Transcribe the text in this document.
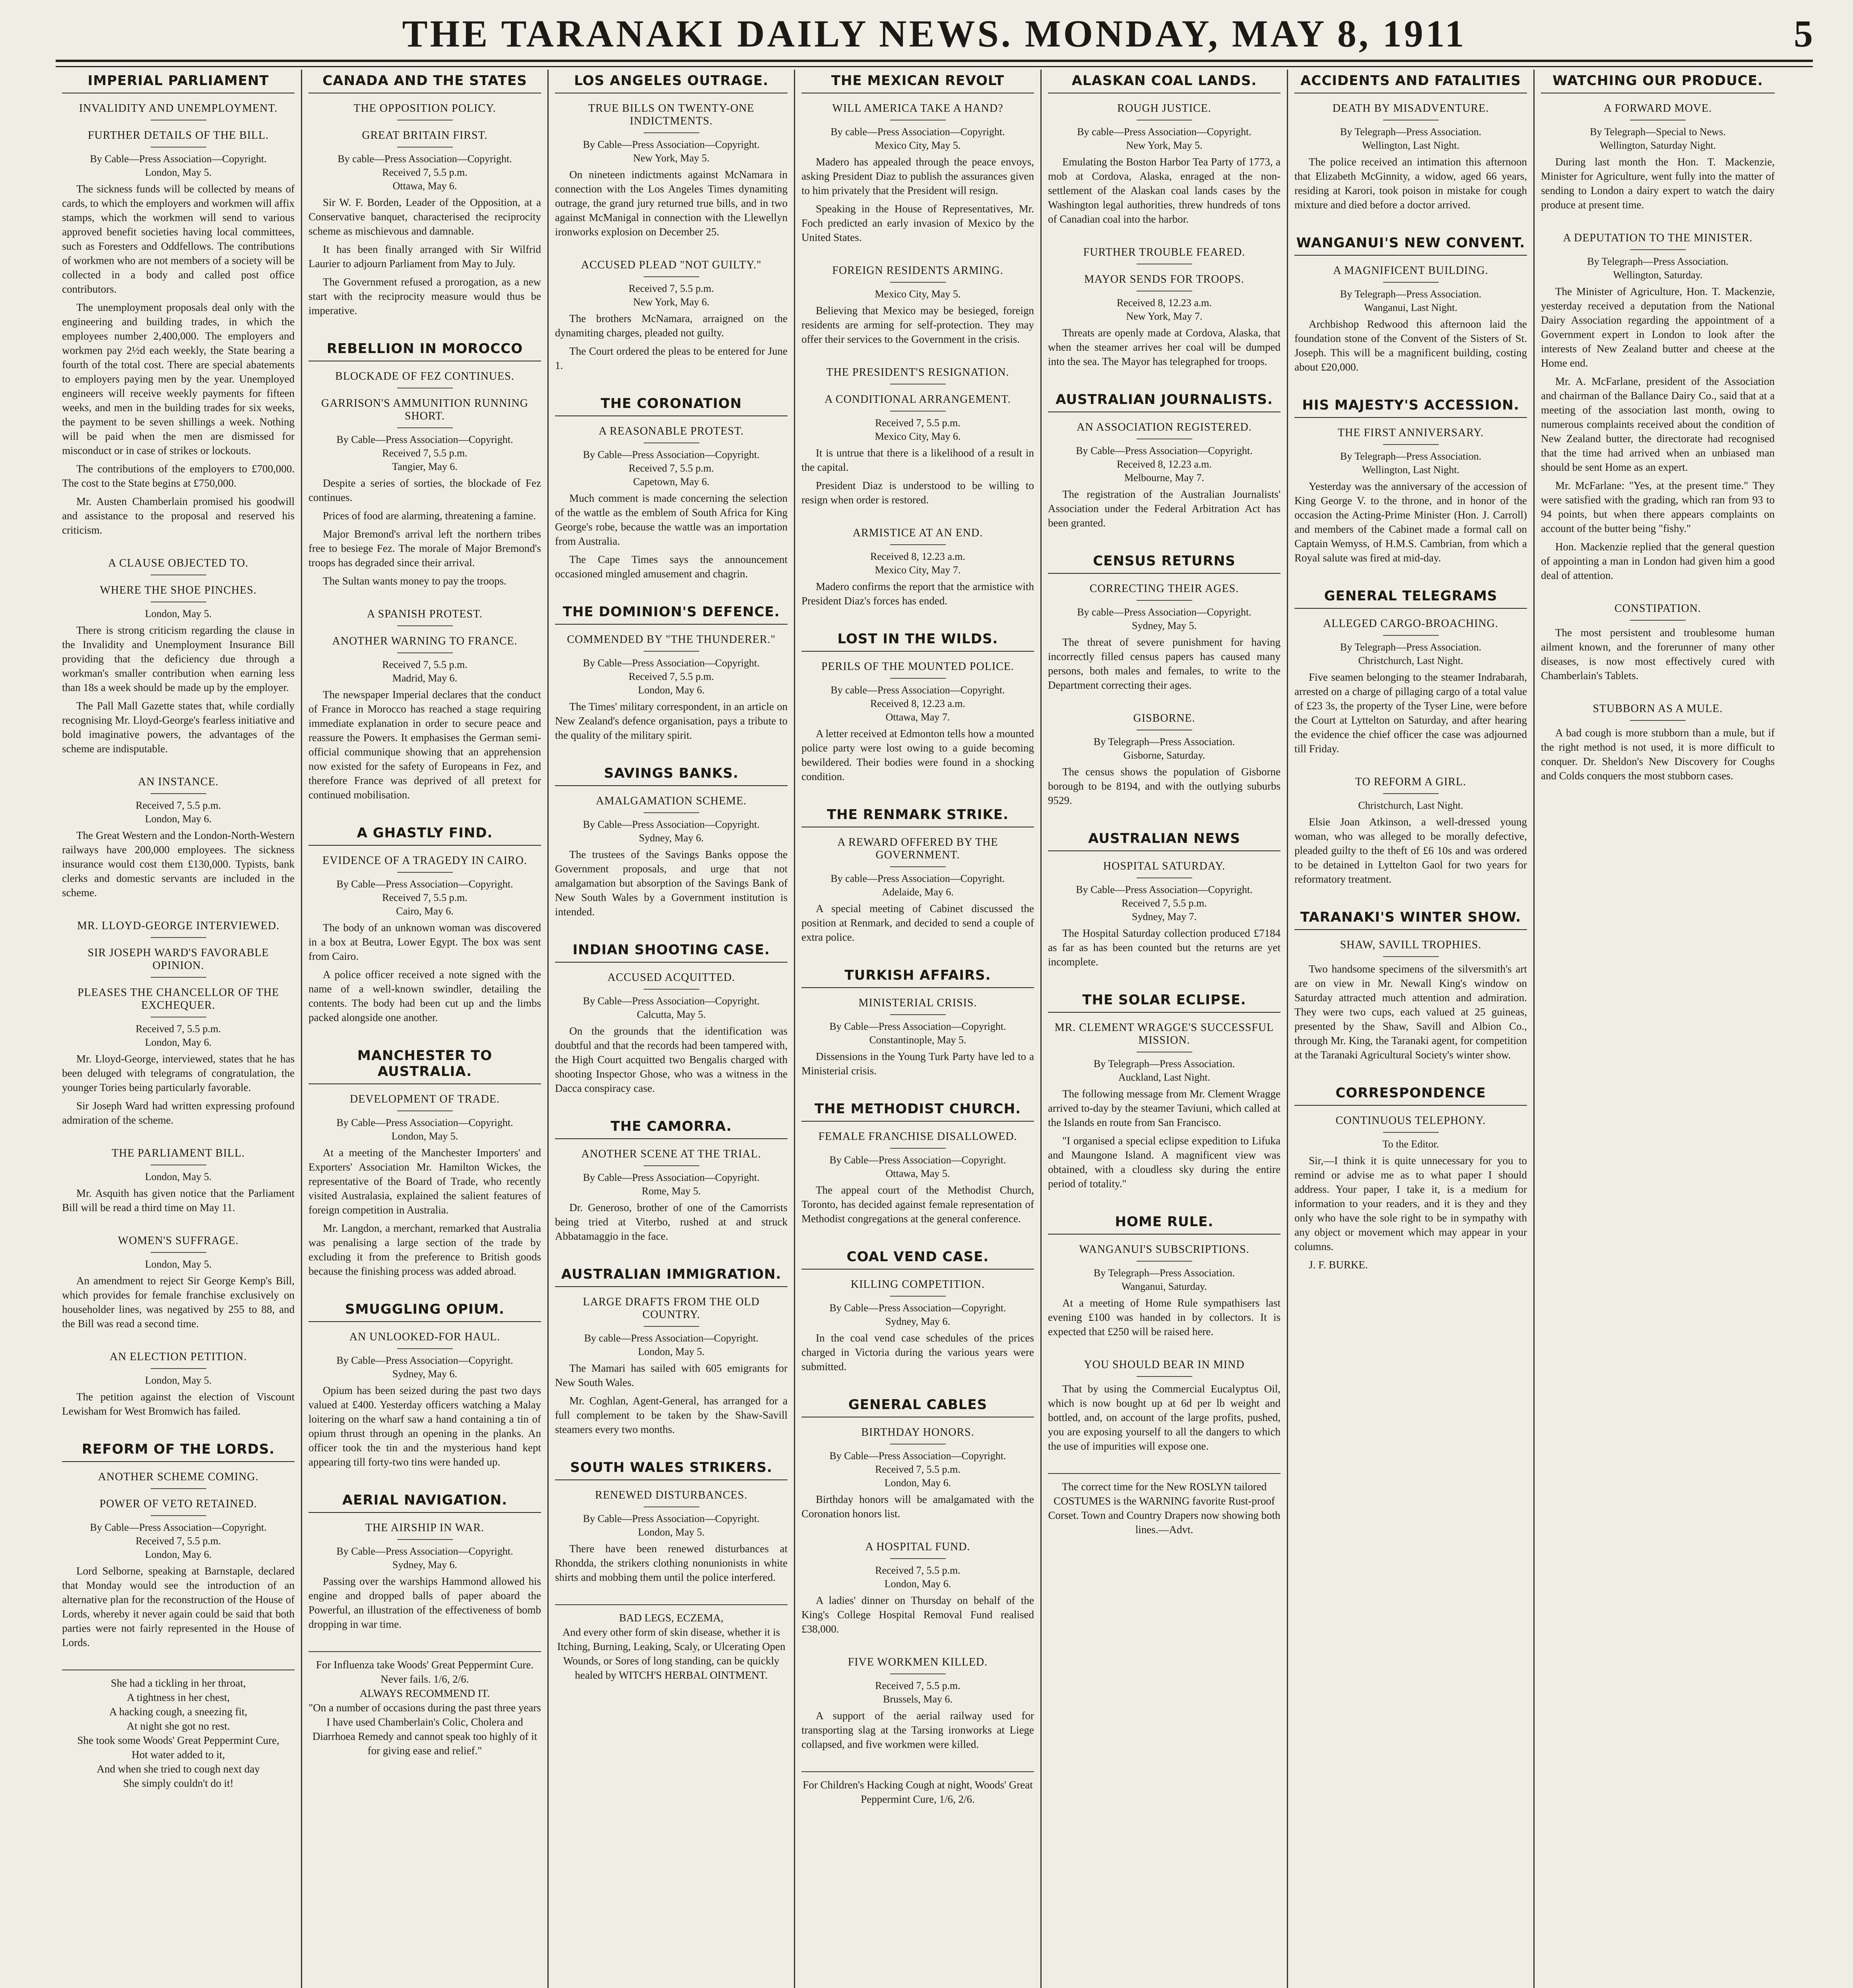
THE TARANAKI DAILY NEWS. MONDAY, MAY 8, 1911	5
IMPERIAL PARLIAMENT
INVALIDITY AND UNEMPLOYMENT.
FURTHER DETAILS OF THE BILL.
By Cable—Press Association—Copyright.
London, May 5.

The sickness funds will be collected by means of cards, to which the employers and workmen will affix stamps, which the workmen will send to various approved benefit societies having local committees, such as Foresters and Oddfellows. The contributions of workmen who are not members of a society will be collected in a body and called post office contributors.

The unemployment proposals deal only with the engineering and building trades, in which the employees number 2,400,000. The employers and workmen pay 2½d each weekly, the State bearing a fourth of the total cost. There are special abatements to employers paying men by the year. Unemployed engineers will receive weekly payments for fifteen weeks, and men in the building trades for six weeks, the payment to be seven shillings a week. Nothing will be paid when the men are dismissed for misconduct or in case of strikes or lockouts.

The contributions of the employers to £700,000. The cost to the State begins at £750,000.

Mr. Austen Chamberlain promised his goodwill and assistance to the proposal and reserved his criticism.

A CLAUSE OBJECTED TO.
WHERE THE SHOE PINCHES.
London, May 5.

There is strong criticism regarding the clause in the Invalidity and Unemployment Insurance Bill providing that the deficiency due through a workman's smaller contribution when earning less than 18s a week should be made up by the employer.

The Pall Mall Gazette states that, while cordially recognising Mr. Lloyd-George's fearless initiative and bold imaginative powers, the advantages of the scheme are indisputable.

AN INSTANCE.
Received 7, 5.5 p.m.
London, May 6.

The Great Western and the London-North-Western railways have 200,000 employees. The sickness insurance would cost them £130,000. Typists, bank clerks and domestic servants are included in the scheme.

MR. LLOYD-GEORGE INTERVIEWED.
SIR JOSEPH WARD'S FAVORABLE OPINION.
PLEASES THE CHANCELLOR OF THE EXCHEQUER.
Received 7, 5.5 p.m.
London, May 6.

Mr. Lloyd-George, interviewed, states that he has been deluged with telegrams of congratulation, the younger Tories being particularly favorable.

Sir Joseph Ward had written expressing profound admiration of the scheme.

THE PARLIAMENT BILL.
London, May 5.

Mr. Asquith has given notice that the Parliament Bill will be read a third time on May 11.

WOMEN'S SUFFRAGE.
London, May 5.

An amendment to reject Sir George Kemp's Bill, which provides for female franchise exclusively on householder lines, was negatived by 255 to 88, and the Bill was read a second time.

AN ELECTION PETITION.
London, May 5.

The petition against the election of Viscount Lewisham for West Bromwich has failed.

REFORM OF THE LORDS.
ANOTHER SCHEME COMING.
POWER OF VETO RETAINED.
By Cable—Press Association—Copyright.
Received 7, 5.5 p.m.
London, May 6.

Lord Selborne, speaking at Barnstaple, declared that Monday would see the introduction of an alternative plan for the reconstruction of the House of Lords, whereby it never again could be said that both parties were not fairly represented in the House of Lords.

She had a tickling in her throat,
A tightness in her chest,
A hacking cough, a sneezing fit,
At night she got no rest.
She took some Woods' Great Peppermint Cure,
Hot water added to it,
And when she tried to cough next day
She simply couldn't do it!
CANADA AND THE STATES
THE OPPOSITION POLICY.
GREAT BRITAIN FIRST.
By cable—Press Association—Copyright.
Received 7, 5.5 p.m.
Ottawa, May 6.

Sir W. F. Borden, Leader of the Opposition, at a Conservative banquet, characterised the reciprocity scheme as mischievous and damnable.

It has been finally arranged with Sir Wilfrid Laurier to adjourn Parliament from May to July.

The Government refused a prorogation, as a new start with the reciprocity measure would thus be imperative.

REBELLION IN MOROCCO
BLOCKADE OF FEZ CONTINUES.
GARRISON'S AMMUNITION RUNNING SHORT.
By Cable—Press Association—Copyright.
Received 7, 5.5 p.m.
Tangier, May 6.

Despite a series of sorties, the blockade of Fez continues.

Prices of food are alarming, threatening a famine.

Major Bremond's arrival left the northern tribes free to besiege Fez. The morale of Major Bremond's troops has degraded since their arrival.

The Sultan wants money to pay the troops.

A SPANISH PROTEST.
ANOTHER WARNING TO FRANCE.
Received 7, 5.5 p.m.
Madrid, May 6.

The newspaper Imperial declares that the conduct of France in Morocco has reached a stage requiring immediate explanation in order to secure peace and reassure the Powers. It emphasises the German semi-official communique showing that an apprehension now existed for the safety of Europeans in Fez, and therefore France was deprived of all pretext for continued mobilisation.

A GHASTLY FIND.
EVIDENCE OF A TRAGEDY IN CAIRO.
By Cable—Press Association—Copyright.
Received 7, 5.5 p.m.
Cairo, May 6.

The body of an unknown woman was discovered in a box at Beutra, Lower Egypt. The box was sent from Cairo.

A police officer received a note signed with the name of a well-known swindler, detailing the contents. The body had been cut up and the limbs packed alongside one another.

MANCHESTER TO AUSTRALIA.
DEVELOPMENT OF TRADE.
By Cable—Press Association—Copyright.
London, May 5.

At a meeting of the Manchester Importers' and Exporters' Association Mr. Hamilton Wickes, the representative of the Board of Trade, who recently visited Australasia, explained the salient features of foreign competition in Australia.

Mr. Langdon, a merchant, remarked that Australia was penalising a large section of the trade by excluding it from the preference to British goods because the finishing process was added abroad.

SMUGGLING OPIUM.
AN UNLOOKED-FOR HAUL.
By Cable—Press Association—Copyright.
Sydney, May 6.

Opium has been seized during the past two days valued at £400. Yesterday officers watching a Malay loitering on the wharf saw a hand containing a tin of opium thrust through an opening in the planks. An officer took the tin and the mysterious hand kept appearing till forty-two tins were handed up.

AERIAL NAVIGATION.
THE AIRSHIP IN WAR.
By Cable—Press Association—Copyright.
Sydney, May 6.

Passing over the warships Hammond allowed his engine and dropped balls of paper aboard the Powerful, an illustration of the effectiveness of bomb dropping in war time.

For Influenza take Woods' Great Peppermint Cure. Never fails. 1/6, 2/6.
ALWAYS RECOMMEND IT.
"On a number of occasions during the past three years I have used Chamberlain's Colic, Cholera and Diarrhoea Remedy and cannot speak too highly of it for giving ease and relief."
LOS ANGELES OUTRAGE.
TRUE BILLS ON TWENTY-ONE INDICTMENTS.
By Cable—Press Association—Copyright.
New York, May 5.

On nineteen indictments against McNamara in connection with the Los Angeles Times dynamiting outrage, the grand jury returned true bills, and in two against McManigal in connection with the Llewellyn ironworks explosion on December 25.

ACCUSED PLEAD "NOT GUILTY."
Received 7, 5.5 p.m.
New York, May 6.

The brothers McNamara, arraigned on the dynamiting charges, pleaded not guilty.

The Court ordered the pleas to be entered for June 1.

THE CORONATION
A REASONABLE PROTEST.
By Cable—Press Association—Copyright.
Received 7, 5.5 p.m.
Capetown, May 6.

Much comment is made concerning the selection of the wattle as the emblem of South Africa for King George's robe, because the wattle was an importation from Australia.

The Cape Times says the announcement occasioned mingled amusement and chagrin.

THE DOMINION'S DEFENCE.
COMMENDED BY "THE THUNDERER."
By Cable—Press Association—Copyright.
Received 7, 5.5 p.m.
London, May 6.

The Times' military correspondent, in an article on New Zealand's defence organisation, pays a tribute to the quality of the military spirit.

SAVINGS BANKS.
AMALGAMATION SCHEME.
By Cable—Press Association—Copyright.
Sydney, May 6.

The trustees of the Savings Banks oppose the Government proposals, and urge that not amalgamation but absorption of the Savings Bank of New South Wales by a Government institution is intended.

INDIAN SHOOTING CASE.
ACCUSED ACQUITTED.
By Cable—Press Association—Copyright.
Calcutta, May 5.

On the grounds that the identification was doubtful and that the records had been tampered with, the High Court acquitted two Bengalis charged with shooting Inspector Ghose, who was a witness in the Dacca conspiracy case.

THE CAMORRA.
ANOTHER SCENE AT THE TRIAL.
By Cable—Press Association—Copyright.
Rome, May 5.

Dr. Generoso, brother of one of the Camorrists being tried at Viterbo, rushed at and struck Abbatamaggio in the face.

AUSTRALIAN IMMIGRATION.
LARGE DRAFTS FROM THE OLD COUNTRY.
By cable—Press Association—Copyright.
London, May 5.

The Mamari has sailed with 605 emigrants for New South Wales.

Mr. Coghlan, Agent-General, has arranged for a full complement to be taken by the Shaw-Savill steamers every two months.

SOUTH WALES STRIKERS.
RENEWED DISTURBANCES.
By Cable—Press Association—Copyright.
London, May 5.

There have been renewed disturbances at Rhondda, the strikers clothing nonunionists in white shirts and mobbing them until the police interfered.

BAD LEGS, ECZEMA,
And every other form of skin disease, whether it is Itching, Burning, Leaking, Scaly, or Ulcerating Open Wounds, or Sores of long standing, can be quickly healed by WITCH'S HERBAL OINTMENT.
THE MEXICAN REVOLT
WILL AMERICA TAKE A HAND?
By cable—Press Association—Copyright.
Mexico City, May 5.

Madero has appealed through the peace envoys, asking President Diaz to publish the assurances given to him privately that the President will resign.

Speaking in the House of Representatives, Mr. Foch predicted an early invasion of Mexico by the United States.

FOREIGN RESIDENTS ARMING.
Mexico City, May 5.

Believing that Mexico may be besieged, foreign residents are arming for self-protection. They may offer their services to the Government in the crisis.

THE PRESIDENT'S RESIGNATION.
A CONDITIONAL ARRANGEMENT.
Received 7, 5.5 p.m.
Mexico City, May 6.

It is untrue that there is a likelihood of a result in the capital.

President Diaz is understood to be willing to resign when order is restored.

ARMISTICE AT AN END.
Received 8, 12.23 a.m.
Mexico City, May 7.

Madero confirms the report that the armistice with President Diaz's forces has ended.

LOST IN THE WILDS.
PERILS OF THE MOUNTED POLICE.
By cable—Press Association—Copyright.
Received 8, 12.23 a.m.
Ottawa, May 7.

A letter received at Edmonton tells how a mounted police party were lost owing to a guide becoming bewildered. Their bodies were found in a shocking condition.

THE RENMARK STRIKE.
A REWARD OFFERED BY THE GOVERNMENT.
By cable—Press Association—Copyright.
Adelaide, May 6.

A special meeting of Cabinet discussed the position at Renmark, and decided to send a couple of extra police.

TURKISH AFFAIRS.
MINISTERIAL CRISIS.
By Cable—Press Association—Copyright.
Constantinople, May 5.

Dissensions in the Young Turk Party have led to a Ministerial crisis.

THE METHODIST CHURCH.
FEMALE FRANCHISE DISALLOWED.
By Cable—Press Association—Copyright.
Ottawa, May 5.

The appeal court of the Methodist Church, Toronto, has decided against female representation of Methodist congregations at the general conference.

COAL VEND CASE.
KILLING COMPETITION.
By Cable—Press Association—Copyright.
Sydney, May 6.

In the coal vend case schedules of the prices charged in Victoria during the various years were submitted.

GENERAL CABLES
BIRTHDAY HONORS.
By Cable—Press Association—Copyright.
Received 7, 5.5 p.m.
London, May 6.

Birthday honors will be amalgamated with the Coronation honors list.

A HOSPITAL FUND.
Received 7, 5.5 p.m.
London, May 6.

A ladies' dinner on Thursday on behalf of the King's College Hospital Removal Fund realised £38,000.

FIVE WORKMEN KILLED.
Received 7, 5.5 p.m.
Brussels, May 6.

A support of the aerial railway used for transporting slag at the Tarsing ironworks at Liege collapsed, and five workmen were killed.

For Children's Hacking Cough at night, Woods' Great Peppermint Cure, 1/6, 2/6.
ALASKAN COAL LANDS.
ROUGH JUSTICE.
By cable—Press Association—Copyright.
New York, May 5.

Emulating the Boston Harbor Tea Party of 1773, a mob at Cordova, Alaska, enraged at the non-settlement of the Alaskan coal lands cases by the Washington legal authorities, threw hundreds of tons of Canadian coal into the harbor.

FURTHER TROUBLE FEARED.
MAYOR SENDS FOR TROOPS.
Received 8, 12.23 a.m.
New York, May 7.

Threats are openly made at Cordova, Alaska, that when the steamer arrives her coal will be dumped into the sea. The Mayor has telegraphed for troops.

AUSTRALIAN JOURNALISTS.
AN ASSOCIATION REGISTERED.
By Cable—Press Association—Copyright.
Received 8, 12.23 a.m.
Melbourne, May 7.

The registration of the Australian Journalists' Association under the Federal Arbitration Act has been granted.

CENSUS RETURNS
CORRECTING THEIR AGES.
By cable—Press Association—Copyright.
Sydney, May 5.

The threat of severe punishment for having incorrectly filled census papers has caused many persons, both males and females, to write to the Department correcting their ages.

GISBORNE.
By Telegraph—Press Association.
Gisborne, Saturday.

The census shows the population of Gisborne borough to be 8194, and with the outlying suburbs 9529.

AUSTRALIAN NEWS
HOSPITAL SATURDAY.
By Cable—Press Association—Copyright.
Received 7, 5.5 p.m.
Sydney, May 7.

The Hospital Saturday collection produced £7184 as far as has been counted but the returns are yet incomplete.

THE SOLAR ECLIPSE.
MR. CLEMENT WRAGGE'S SUCCESSFUL MISSION.
By Telegraph—Press Association.
Auckland, Last Night.

The following message from Mr. Clement Wragge arrived to-day by the steamer Taviuni, which called at the Islands en route from San Francisco.

"I organised a special eclipse expedition to Lifuka and Maungone Island. A magnificent view was obtained, with a cloudless sky during the entire period of totality."

HOME RULE.
WANGANUI'S SUBSCRIPTIONS.
By Telegraph—Press Association.
Wanganui, Saturday.

At a meeting of Home Rule sympathisers last evening £100 was handed in by collectors. It is expected that £250 will be raised here.

YOU SHOULD BEAR IN MIND

That by using the Commercial Eucalyptus Oil, which is now bought up at 6d per lb weight and bottled, and, on account of the large profits, pushed, you are exposing yourself to all the dangers to which the use of impurities will expose one.

The correct time for the New ROSLYN tailored COSTUMES is the WARNING favorite Rust-proof Corset. Town and Country Drapers now showing both lines.—Advt.
ACCIDENTS AND FATALITIES
DEATH BY MISADVENTURE.
By Telegraph—Press Association.
Wellington, Last Night.

The police received an intimation this afternoon that Elizabeth McGinnity, a widow, aged 66 years, residing at Karori, took poison in mistake for cough mixture and died before a doctor arrived.

WANGANUI'S NEW CONVENT.
A MAGNIFICENT BUILDING.
By Telegraph—Press Association.
Wanganui, Last Night.

Archbishop Redwood this afternoon laid the foundation stone of the Convent of the Sisters of St. Joseph. This will be a magnificent building, costing about £20,000.

HIS MAJESTY'S ACCESSION.
THE FIRST ANNIVERSARY.
By Telegraph—Press Association.
Wellington, Last Night.

Yesterday was the anniversary of the accession of King George V. to the throne, and in honor of the occasion the Acting-Prime Minister (Hon. J. Carroll) and members of the Cabinet made a formal call on Captain Wemyss, of H.M.S. Cambrian, from which a Royal salute was fired at mid-day.

GENERAL TELEGRAMS
ALLEGED CARGO-BROACHING.
By Telegraph—Press Association.
Christchurch, Last Night.

Five seamen belonging to the steamer Indrabarah, arrested on a charge of pillaging cargo of a total value of £23 3s, the property of the Tyser Line, were before the Court at Lyttelton on Saturday, and after hearing the evidence the chief officer the case was adjourned till Friday.

TO REFORM A GIRL.
Christchurch, Last Night.

Elsie Joan Atkinson, a well-dressed young woman, who was alleged to be morally defective, pleaded guilty to the theft of £6 10s and was ordered to be detained in Lyttelton Gaol for two years for reformatory treatment.

TARANAKI'S WINTER SHOW.
SHAW, SAVILL TROPHIES.

Two handsome specimens of the silversmith's art are on view in Mr. Newall King's window on Saturday attracted much attention and admiration. They were two cups, each valued at 25 guineas, presented by the Shaw, Savill and Albion Co., through Mr. King, the Taranaki agent, for competition at the Taranaki Agricultural Society's winter show.

CORRESPONDENCE
CONTINUOUS TELEPHONY.
To the Editor.

Sir,—I think it is quite unnecessary for you to remind or advise me as to what paper I should address. Your paper, I take it, is a medium for information to your readers, and it is they and they only who have the sole right to be in sympathy with any object or movement which may appear in your columns.

J. F. BURKE.

WATCHING OUR PRODUCE.
A FORWARD MOVE.
By Telegraph—Special to News.
Wellington, Saturday Night.

During last month the Hon. T. Mackenzie, Minister for Agriculture, went fully into the matter of sending to London a dairy expert to watch the dairy produce at present time.

A DEPUTATION TO THE MINISTER.
By Telegraph—Press Association.
Wellington, Saturday.

The Minister of Agriculture, Hon. T. Mackenzie, yesterday received a deputation from the National Dairy Association regarding the appointment of a Government expert in London to look after the interests of New Zealand butter and cheese at the Home end.

Mr. A. McFarlane, president of the Association and chairman of the Ballance Dairy Co., said that at a meeting of the association last month, owing to numerous complaints received about the condition of New Zealand butter, the directorate had recognised that the time had arrived when an unbiased man should be sent Home as an expert.

Mr. McFarlane: "Yes, at the present time." They were satisfied with the grading, which ran from 93 to 94 points, but when there appears complaints on account of the butter being "fishy."

Hon. Mackenzie replied that the general question of appointing a man in London had given him a good deal of attention.

CONSTIPATION.

The most persistent and troublesome human ailment known, and the forerunner of many other diseases, is now most effectively cured with Chamberlain's Tablets.

STUBBORN AS A MULE.

A bad cough is more stubborn than a mule, but if the right method is not used, it is more difficult to conquer. Dr. Sheldon's New Discovery for Coughs and Colds conquers the most stubborn cases.
